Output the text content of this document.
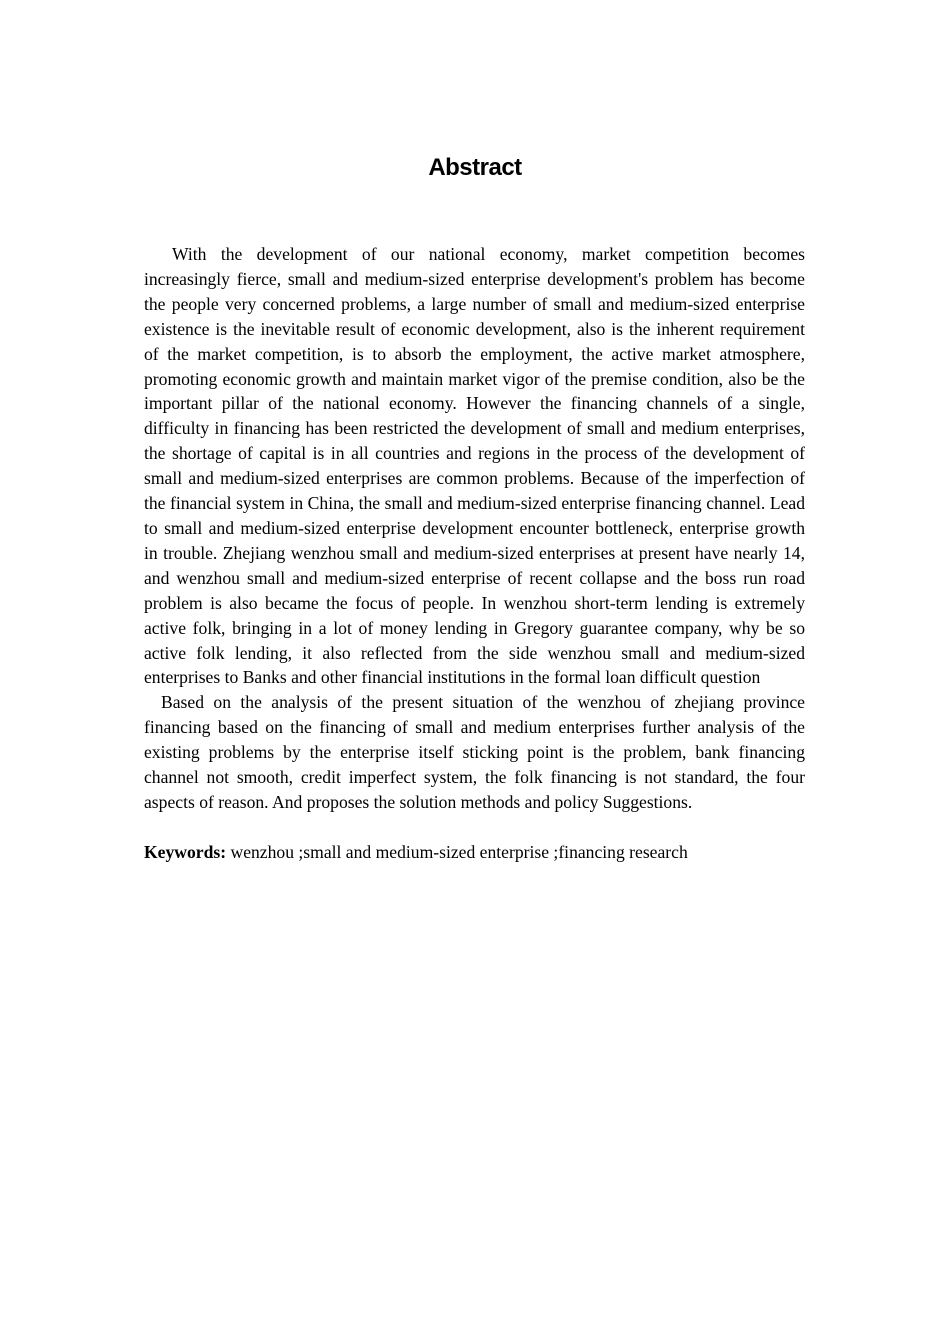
Abstract

With the development of our national economy, market competition becomes increasingly fierce, small and medium-sized enterprise development's problem has become the people very concerned problems, a large number of small and medium-sized enterprise existence is the inevitable result of economic development, also is the inherent requirement of the market competition, is to absorb the employment, the active market atmosphere, promoting economic growth and maintain market vigor of the premise condition, also be the important pillar of the national economy. However the financing channels of a single, difficulty in financing has been restricted the development of small and medium enterprises, the shortage of capital is in all countries and regions in the process of the development of small and medium-sized enterprises are common problems. Because of the imperfection of the financial system in China, the small and medium-sized enterprise financing channel. Lead to small and medium-sized enterprise development encounter bottleneck, enterprise growth in trouble. Zhejiang wenzhou small and medium-sized enterprises at present have nearly 14, and wenzhou small and medium-sized enterprise of recent collapse and the boss run road problem is also became the focus of people. In wenzhou short-term lending is extremely active folk, bringing in a lot of money lending in Gregory guarantee company, why be so active folk lending, it also reflected from the side wenzhou small and medium-sized enterprises to Banks and other financial institutions in the formal loan difficult question

Based on the analysis of the present situation of the wenzhou of zhejiang province financing based on the financing of small and medium enterprises further analysis of the existing problems by the enterprise itself sticking point is the problem, bank financing channel not smooth, credit imperfect system, the folk financing is not standard, the four aspects of reason. And proposes the solution methods and policy Suggestions.

Keywords: wenzhou ;small and medium-sized enterprise ;financing research
